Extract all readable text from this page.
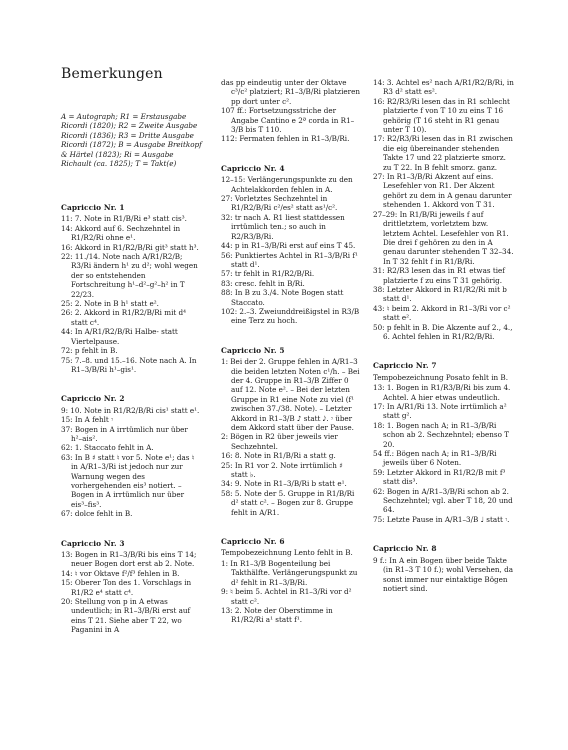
Bemerkungen
A = Autograph; R1 = Erstausgabe Ricordi (1820); R2 = Zweite Ausgabe Ricordi (1836); R3 = Dritte Ausgabe Ricordi (1872); B = Ausgabe Breitkopf & Härtel (1823); Ri = Ausgabe Richault (ca. 1825); T = Takt(e)
Capriccio Nr. 1

11: 7. Note in R1/B/Ri e³ statt cis³.

14: Akkord auf 6. Sechzehntel in R1/R2/Ri ohne e¹.

16: Akkord in R1/R2/B/Ri git³ statt h³.

22: 11./14. Note nach A/R1/R2/B; R3/Ri ändern h¹ zu d²; wohl wegen der so entstehenden Fortschreitung h¹–d²–g²–h² in T 22/23.

25: 2. Note in B h¹ statt e².

26: 2. Akkord in R1/R2/B/Ri mit d⁴ statt c⁴.

44: In A/R1/R2/B/Ri Halbe- statt Viertelpause.

72: p fehlt in B.

75: 7.–8. und 15.–16. Note nach A. In R1–3/B/Ri h¹–gis¹.

Capriccio Nr. 2

9: 10. Note in R1/R2/B/Ri cis¹ statt e¹.

15: In A fehlt 𝄾

37: Bogen in A irrtümlich nur über h²–ais².

62: 1. Staccato fehlt in A.

63: In B ♯ statt ♮ vor 5. Note e¹; das ♮ in A/R1–3/Ri ist jedoch nur zur Warnung wegen des vorhergehenden eis³ notiert. – Bogen in A irrtümlich nur über eis³–fis³.

67: dolce fehlt in B.

Capriccio Nr. 3

13: Bogen in R1–3/B/Ri bis eins T 14; neuer Bogen dort erst ab 2. Note.

14: ♮ vor Oktave f²/f³ fehlen in B.

15: Oberer Ton des 1. Vorschlags in R1/R2 e⁴ statt c⁴.

20: Stellung von p in A etwas undeutlich; in R1–3/B/Ri erst auf eins T 21. Siehe aber T 22, wo Paganini in A

das pp eindeutig unter der Oktave c³/c² platziert; R1–3/B/Ri platzieren pp dort unter c².

107 ff.: Fortsetzungsstriche der Angabe Cantino e 2ª corda in R1–3/B bis T 110.

112: Fermaten fehlen in R1–3/B/Ri.

Capriccio Nr. 4

12–15: Verlängerungspunkte zu den Achtelakkorden fehlen in A.

27: Vorletztes Sechzehntel in R1/R2/B/Ri c²/es² statt as¹/c².

32: tr nach A. R1 liest stattdessen irrtümlich ten.; so auch in R2/R3/B/Ri.

44: p in R1–3/B/Ri erst auf eins T 45.

56: Punktiertes Achtel in R1–3/B/Ri f¹ statt d¹.

57: tr fehlt in R1/R2/B/Ri.

83: cresc. fehlt in B/Ri.

88: In B zu 3./4. Note Bogen statt Staccato.

102: 2.–3. Zweiunddreißigstel in R3/B eine Terz zu hoch.

Capriccio Nr. 5

1: Bei der 2. Gruppe fehlen in A/R1–3 die beiden letzten Noten c¹/h. – Bei der 4. Gruppe in R1–3/B Ziffer 0 auf 12. Note e². – Bei der letzten Gruppe in R1 eine Note zu viel (f¹ zwischen 37./38. Note). – Letzter Akkord in R1–3/B ♪ statt 𝅘𝅥𝅮. 𝄾 über dem Akkord statt über der Pause.

2: Bögen in R2 über jeweils vier Sechzehntel.

16: 8. Note in R1/B/Ri a statt g.

25: In R1 vor 2. Note irrtümlich ♯ statt ♭.

34: 9. Note in R1–3/B/Ri b statt e¹.

58: 5. Note der 5. Gruppe in R1/B/Ri d² statt c². – Bogen zur 8. Gruppe fehlt in A/R1.

Capriccio Nr. 6
Tempobezeichnung Lento fehlt in B.

1: In R1–3/B Bogenteilung bei Takthälfte. Verlängerungspunkt zu d² fehlt in R1–3/B/Ri.

9: ♮ beim 5. Achtel in R1–3/Ri vor d² statt c².

13: 2. Note der Oberstimme in R1/R2/Ri a¹ statt f¹.

14: 3. Achtel es² nach A/R1/R2/B/Ri, in R3 d² statt es².

16: R2/R3/Ri lesen das in R1 schlecht platzierte f von T 10 zu eins T 16 gehörig (T 16 steht in R1 genau unter T 10).

17: R2/R3/Ri lesen das in R1 zwischen die eig übereinander stehenden Takte 17 und 22 platzierte smorz. zu T 22. In B fehlt smorz. ganz.

27: In R1–3/B/Ri Akzent auf eins. Lesefehler von R1. Der Akzent gehört zu dem in A genau darunter stehenden 1. Akkord von T 31.

27–29: In R1/B/Ri jeweils f auf drittletztem, vorletztem bzw. letztem Achtel. Lesefehler von R1. Die drei f gehören zu den in A genau darunter stehenden T 32–34. In T 32 fehlt f in R1/B/Ri.

31: R2/R3 lesen das in R1 etwas tief platzierte f zu eins T 31 gehörig.

38: Letzter Akkord in R1/R2/Ri mit b statt d¹.

43: ♮ beim 2. Akkord in R1–3/Ri vor c² statt e².

50: p fehlt in B. Die Akzente auf 2., 4., 6. Achtel fehlen in R1/R2/B/Ri.

Capriccio Nr. 7
Tempobezeichnung Posato fehlt in B.

13: 1. Bogen in R1/R3/B/Ri bis zum 4. Achtel. A hier etwas undeutlich.

17: In A/R1/Ri 13. Note irrtümlich a² statt g².

18: 1. Bogen nach A; in R1–3/B/Ri schon ab 2. Sechzehntel; ebenso T 20.

54 ff.: Bögen nach A; in R1–3/B/Ri jeweils über 6 Noten.

59: Letzter Akkord in R1/R2/B mit f³ statt dis³.

62: Bogen in A/R1–3/B/Ri schon ab 2. Sechzehntel; vgl. aber T 18, 20 und 64.

75: Letzte Pause in A/R1–3/B ♩ statt 𝄾.

Capriccio Nr. 8

9 f.: In A ein Bogen über beide Takte (in R1–3 T 10 f.); wohl Versehen, da sonst immer nur eintaktige Bögen notiert sind.
